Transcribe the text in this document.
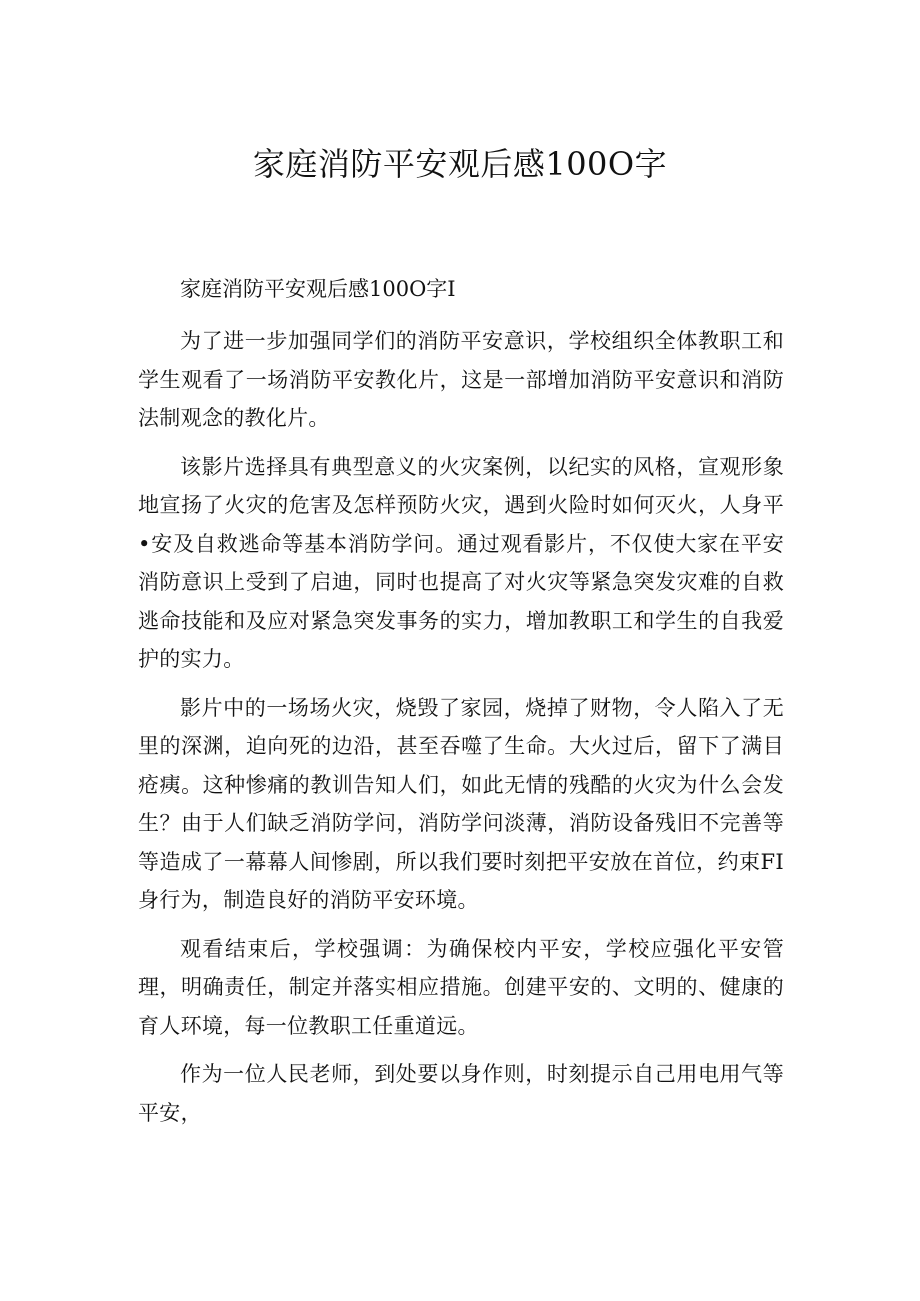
家庭消防平安观后感100O字

家庭消防平安观后感100O字I

为了进一步加强同学们的消防平安意识，学校组织全体教职工和学生观看了一场消防平安教化片，这是一部增加消防平安意识和消防法制观念的教化片。

该影片选择具有典型意义的火灾案例，以纪实的风格，宣观形象地宣扬了火灾的危害及怎样预防火灾，遇到火险时如何灭火，人身平•安及自救逃命等基本消防学问。通过观看影片，不仅使大家在平安消防意识上受到了启迪，同时也提高了对火灾等紧急突发灾难的自救逃命技能和及应对紧急突发事务的实力，增加教职工和学生的自我爱护的实力。

影片中的一场场火灾，烧毁了家园，烧掉了财物，令人陷入了无里的深渊，迫向死的边沿，甚至吞噬了生命。大火过后，留下了满目疮痍。这种惨痛的教训告知人们，如此无情的残酷的火灾为什么会发生？由于人们缺乏消防学问，消防学问淡薄，消防设备残旧不完善等等造成了一幕幕人间惨剧，所以我们要时刻把平安放在首位，约束FI身行为，制造良好的消防平安环境。

观看结束后，学校强调：为确保校内平安，学校应强化平安管理，明确责任，制定并落实相应措施。创建平安的、文明的、健康的育人环境，每一位教职工任重道远。

作为一位人民老师，到处要以身作则，时刻提示自己用电用气等平安，
